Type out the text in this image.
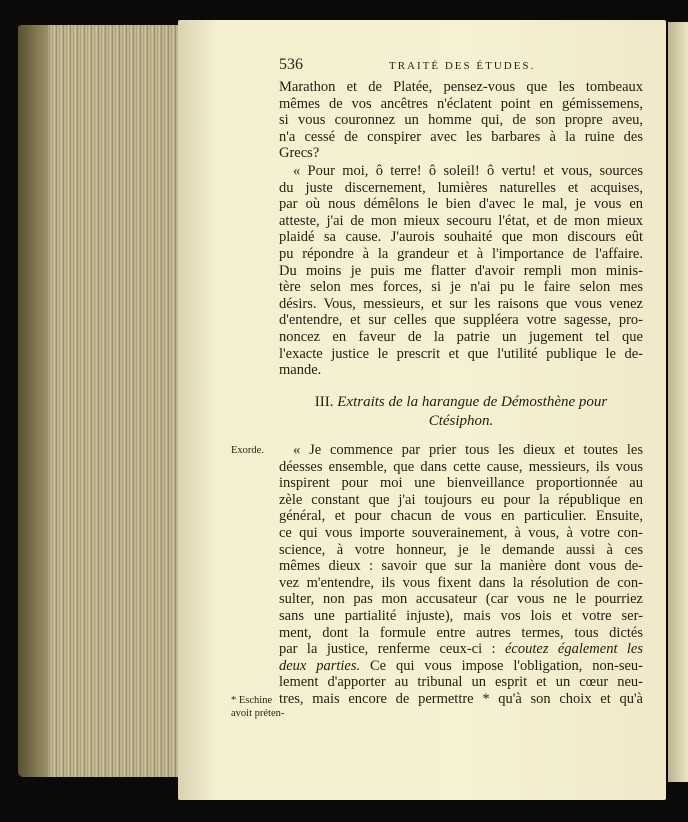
536	TRAITÉ DES ÉTUDES.
Marathon et de Platée, pensez-vous que les tombeaux
mêmes de vos ancêtres n'éclatent point en gémissemens,
si vous couronnez un homme qui, de son propre aveu,
n'a cessé de conspirer avec les barbares à la ruine des
Grecs?
« Pour moi, ô terre! ô soleil! ô vertu! et vous, sources
du juste discernement, lumières naturelles et acquises,
par où nous démêlons le bien d'avec le mal, je vous en
atteste, j'ai de mon mieux secouru l'état, et de mon mieux
plaidé sa cause. J'aurois souhaité que mon discours eût
pu répondre à la grandeur et à l'importance de l'affaire.
Du moins je puis me flatter d'avoir rempli mon minis-
tère selon mes forces, si je n'ai pu le faire selon mes
désirs. Vous, messieurs, et sur les raisons que vous venez
d'entendre, et sur celles que suppléera votre sagesse, pro-
noncez en faveur de la patrie un jugement tel que
l'exacte justice le prescrit et que l'utilité publique le de-
mande.
III. Extraits de la harangue de Démosthène pour
Ctésiphon.
Exorde.	« Je commence par prier tous les dieux et toutes les
déesses ensemble, que dans cette cause, messieurs, ils vous
inspirent pour moi une bienveillance proportionnée au
zèle constant que j'ai toujours eu pour la république en
général, et pour chacun de vous en particulier. Ensuite,
ce qui vous importe souverainement, à vous, à votre con-
science, à votre honneur, je le demande aussi à ces
mêmes dieux : savoir que sur la manière dont vous de-
vez m'entendre, ils vous fixent dans la résolution de con-
sulter, non pas mon accusateur (car vous ne le pourriez
sans une partialité injuste), mais vos lois et votre ser-
ment, dont la formule entre autres termes, tous dictés
par la justice, renferme ceux-ci : écoutez également les
deux parties. Ce qui vous impose l'obligation, non-seu-
lement d'apporter au tribunal un esprit et un cœur neu-
tres, mais encore de permettre * qu'à son choix et qu'à
* Eschine
avoit préten-
